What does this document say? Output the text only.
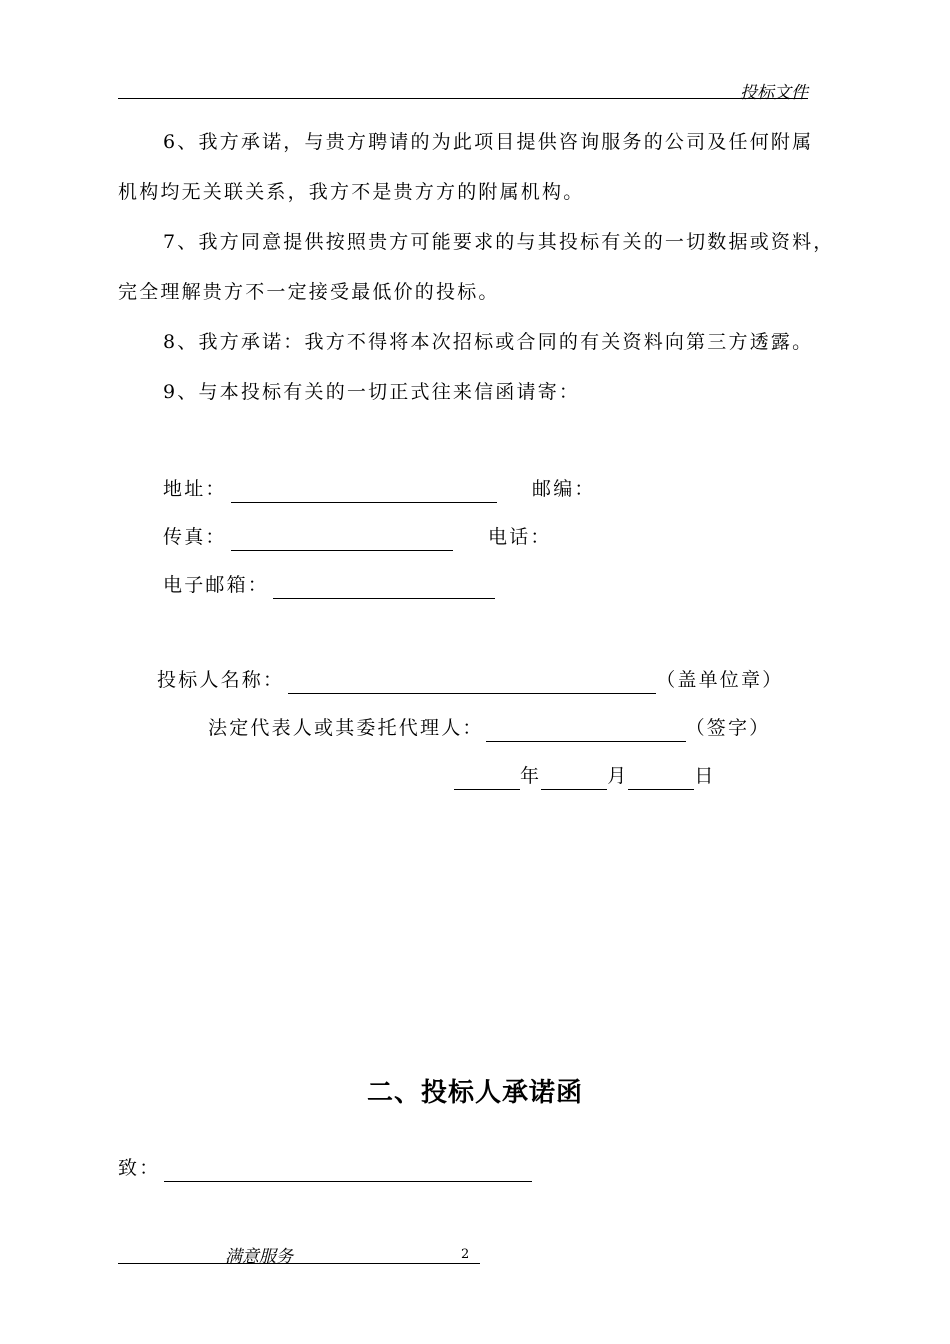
投标文件
6、我方承诺，与贵方聘请的为此项目提供咨询服务的公司及任何附属
机构均无关联关系，我方不是贵方方的附属机构。
7、我方同意提供按照贵方可能要求的与其投标有关的一切数据或资料，
完全理解贵方不一定接受最低价的投标。
8、我方承诺：我方不得将本次招标或合同的有关资料向第三方透露。
9、与本投标有关的一切正式往来信函请寄：
地址：	邮编：
传真：	电话：
电子邮箱：
投标人名称：	（盖单位章）
法定代表人或其委托代理人：	（签字）
年	月	日
二、投标人承诺函
致：
满意服务	2
